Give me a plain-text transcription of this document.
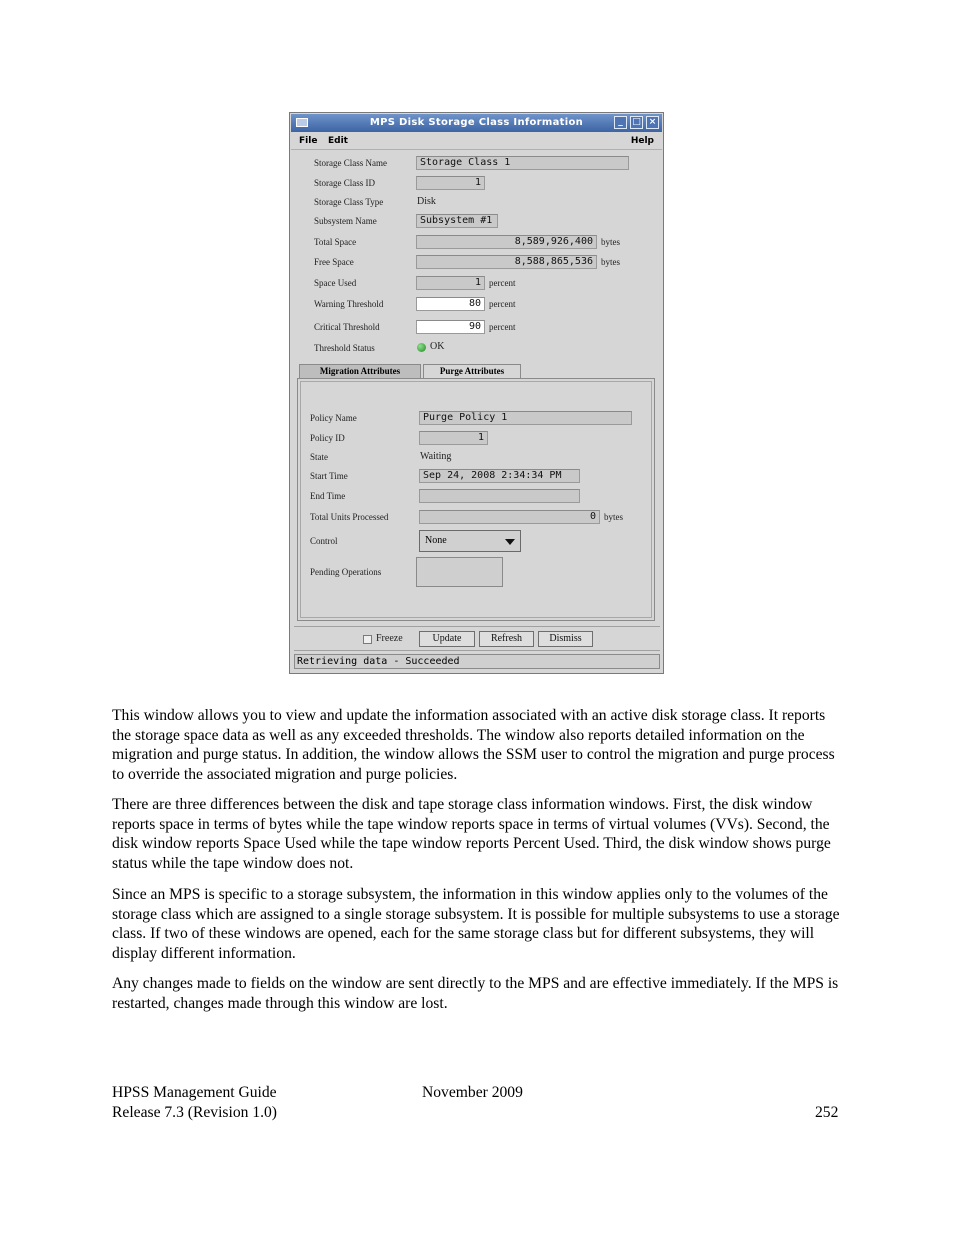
MPS Disk Storage Class Information	_	□ ×
File Edit	Help
Storage Class Name	Storage Class 1
Storage Class ID	1
Storage Class Type	Disk
Subsystem Name	Subsystem #1
Total Space	8,589,926,400 bytes
Free Space	8,588,865,536 bytes
Space Used	1 percent
Warning Threshold	80 percent
Critical Threshold	90 percent
Threshold Status	OK
Migration Attributes	Purge Attributes
Policy Name	Purge Policy 1
Policy ID	1
State	Waiting
Start Time	Sep 24, 2008 2:34:34 PM
End Time
Total Units Processed	0 bytes
Control	None
Pending Operations
Freeze	Update	Refresh	Dismiss
Retrieving data - Succeeded

This window allows you to view and update the information associated with an active disk storage class. It reports the storage space data as well as any exceeded thresholds. The window also reports detailed information on the migration and purge status. In addition, the window allows the SSM user to control the migration and purge process to override the associated migration and purge policies.

There are three differences between the disk and tape storage class information windows. First, the disk window reports space in terms of bytes while the tape window reports space in terms of virtual volumes (VVs). Second, the disk window reports Space Used while the tape window reports Percent Used. Third, the disk window shows purge status while the tape window does not.

Since an MPS is specific to a storage subsystem, the information in this window applies only to the volumes of the storage class which are assigned to a single storage subsystem. It is possible for multiple subsystems to use a storage class. If two of these windows are opened, each for the same storage class but for different subsystems, they will display different information.

Any changes made to fields on the window are sent directly to the MPS and are effective immediately. If the MPS is restarted, changes made through this window are lost.

HPSS Management Guide
Release 7.3 (Revision 1.0)
November 2009
252
